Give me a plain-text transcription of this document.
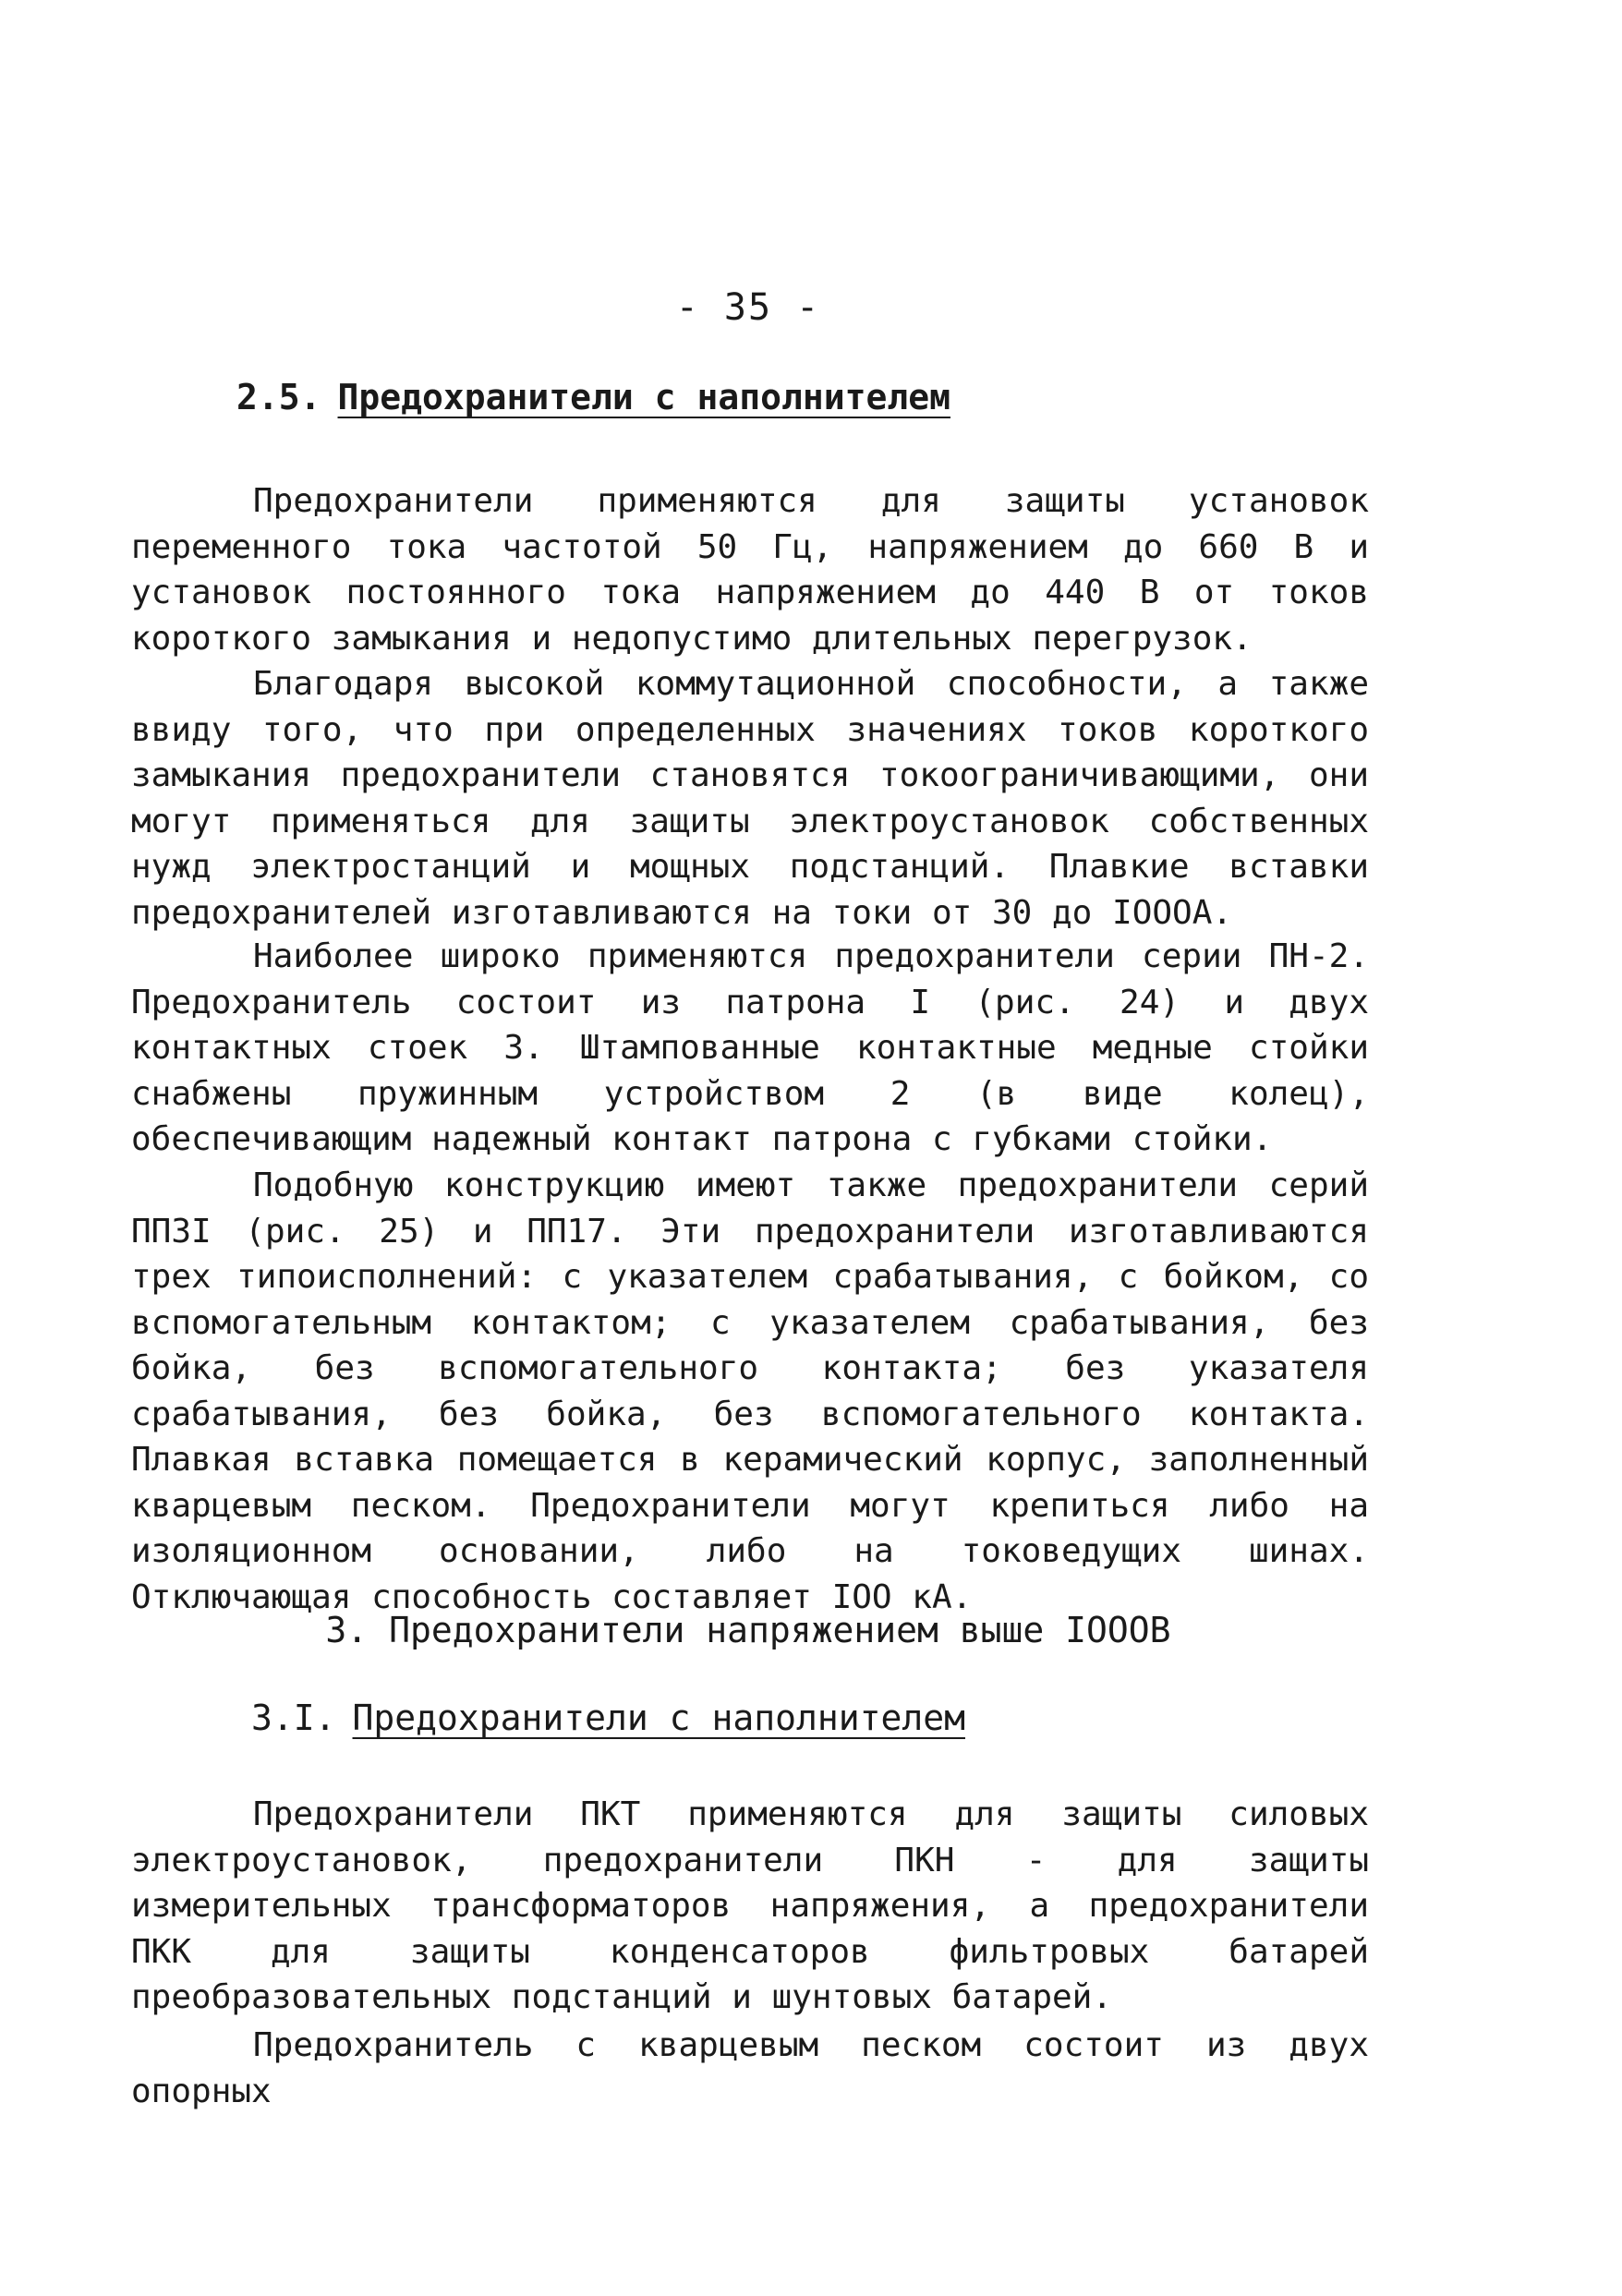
- 35 -
2.5. Предохранители с наполнителем

Предохранители применяются для защиты установок переменного тока частотой 50 Гц, напряжением до 660 В и установок постоянного тока напряжением до 440 В от токов короткого замыкания и недопустимо длительных перегрузок.

Благодаря высокой коммутационной способности, а также ввиду того, что при определенных значениях токов короткого замыкания предохранители становятся токоограничивающими, они могут применяться для защиты электроустановок собственных нужд электростанций и мощных подстанций. Плавкие вставки предохранителей изготавливаются на токи от 30 до IOOOA.

Наиболее широко применяются предохранители серии ПН-2. Предохранитель состоит из патрона I (рис. 24) и двух контактных стоек 3. Штампованные контактные медные стойки снабжены пружинным устройством 2 (в виде колец), обеспечивающим надежный контакт патрона с губками стойки.

Подобную конструкцию имеют также предохранители серий ПП3I (рис. 25) и ПП17. Эти предохранители изготавливаются трех типоисполнений: с указателем срабатывания, с бойком, со вспомогательным контактом; с указателем срабатывания, без бойка, без вспомогательного контакта; без указателя срабатывания, без бойка, без вспомогательного контакта. Плавкая вставка помещается в керамический корпус, заполненный кварцевым песком. Предохранители могут крепиться либо на изоляционном основании, либо на токоведущих шинах. Отключающая способность составляет IOO кА.

3. Предохранители напряжением выше IOOOВ
3.I. Предохранители с наполнителем

Предохранители ПКТ применяются для защиты силовых электроустановок, предохранители ПКН - для защиты измерительных трансформаторов напряжения, а предохранители ПКК для защиты конденсаторов фильтровых батарей преобразовательных подстанций и шунтовых батарей.

Предохранитель с кварцевым песком состоит из двух опорных
